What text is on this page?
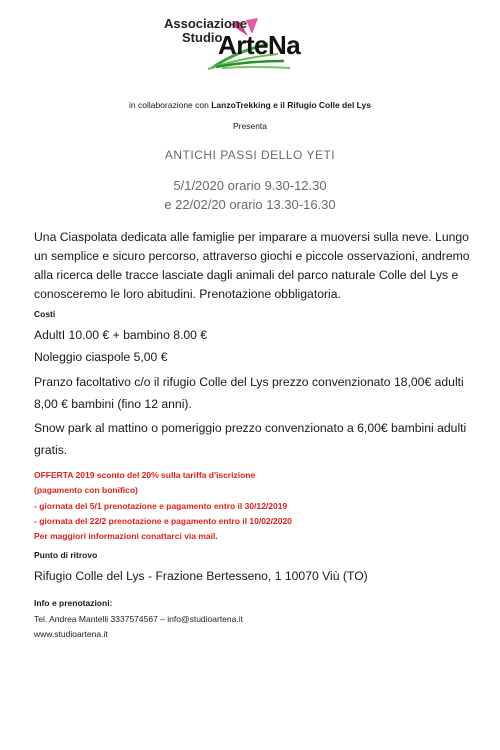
Associazione
Studio
ArteNa
in collaborazione con LanzoTrekking e il Rifugio Colle del Lys
Presenta
ANTICHI PASSI DELLO YETI
5/1/2020 orario 9.30-12.30
e 22/02/20 orario 13.30-16.30
Una Ciaspolata dedicata alle famiglie per imparare a muoversi sulla neve. Lungo un semplice e sicuro percorso, attraverso giochi e piccole osservazioni, andremo alla ricerca delle tracce lasciate dagli animali del parco naturale Colle del Lys e conosceremo le loro abitudini. Prenotazione obbligatoria.
Costi
AdultI 10.00 € + bambino 8.00 €
Noleggio ciaspole 5,00 €
Pranzo facoltativo c/o il rifugio Colle del Lys prezzo convenzionato 18,00€ adulti 8,00 € bambini (fino 12 anni).
Snow park al mattino o pomeriggio prezzo convenzionato a 6,00€ bambini adulti gratis.
OFFERTA 2019 sconto del 20% sulla tariffa d'iscrizione
(pagamento con bonifico)
- giornata del 5/1 prenotazione e pagamento entro il 30/12/2019
- giornata del 22/2 prenotazione e pagamento entro il 10/02/2020
Per maggiori informazioni conattarci via mail.
Punto di ritrovo
Rifugio Colle del Lys - Frazione Bertesseno, 1 10070 Viù (TO)
Info e prenotazioni:
Tel. Andrea Mantelli 3337574567 – info@studioartena.it
www.studioartena.it
